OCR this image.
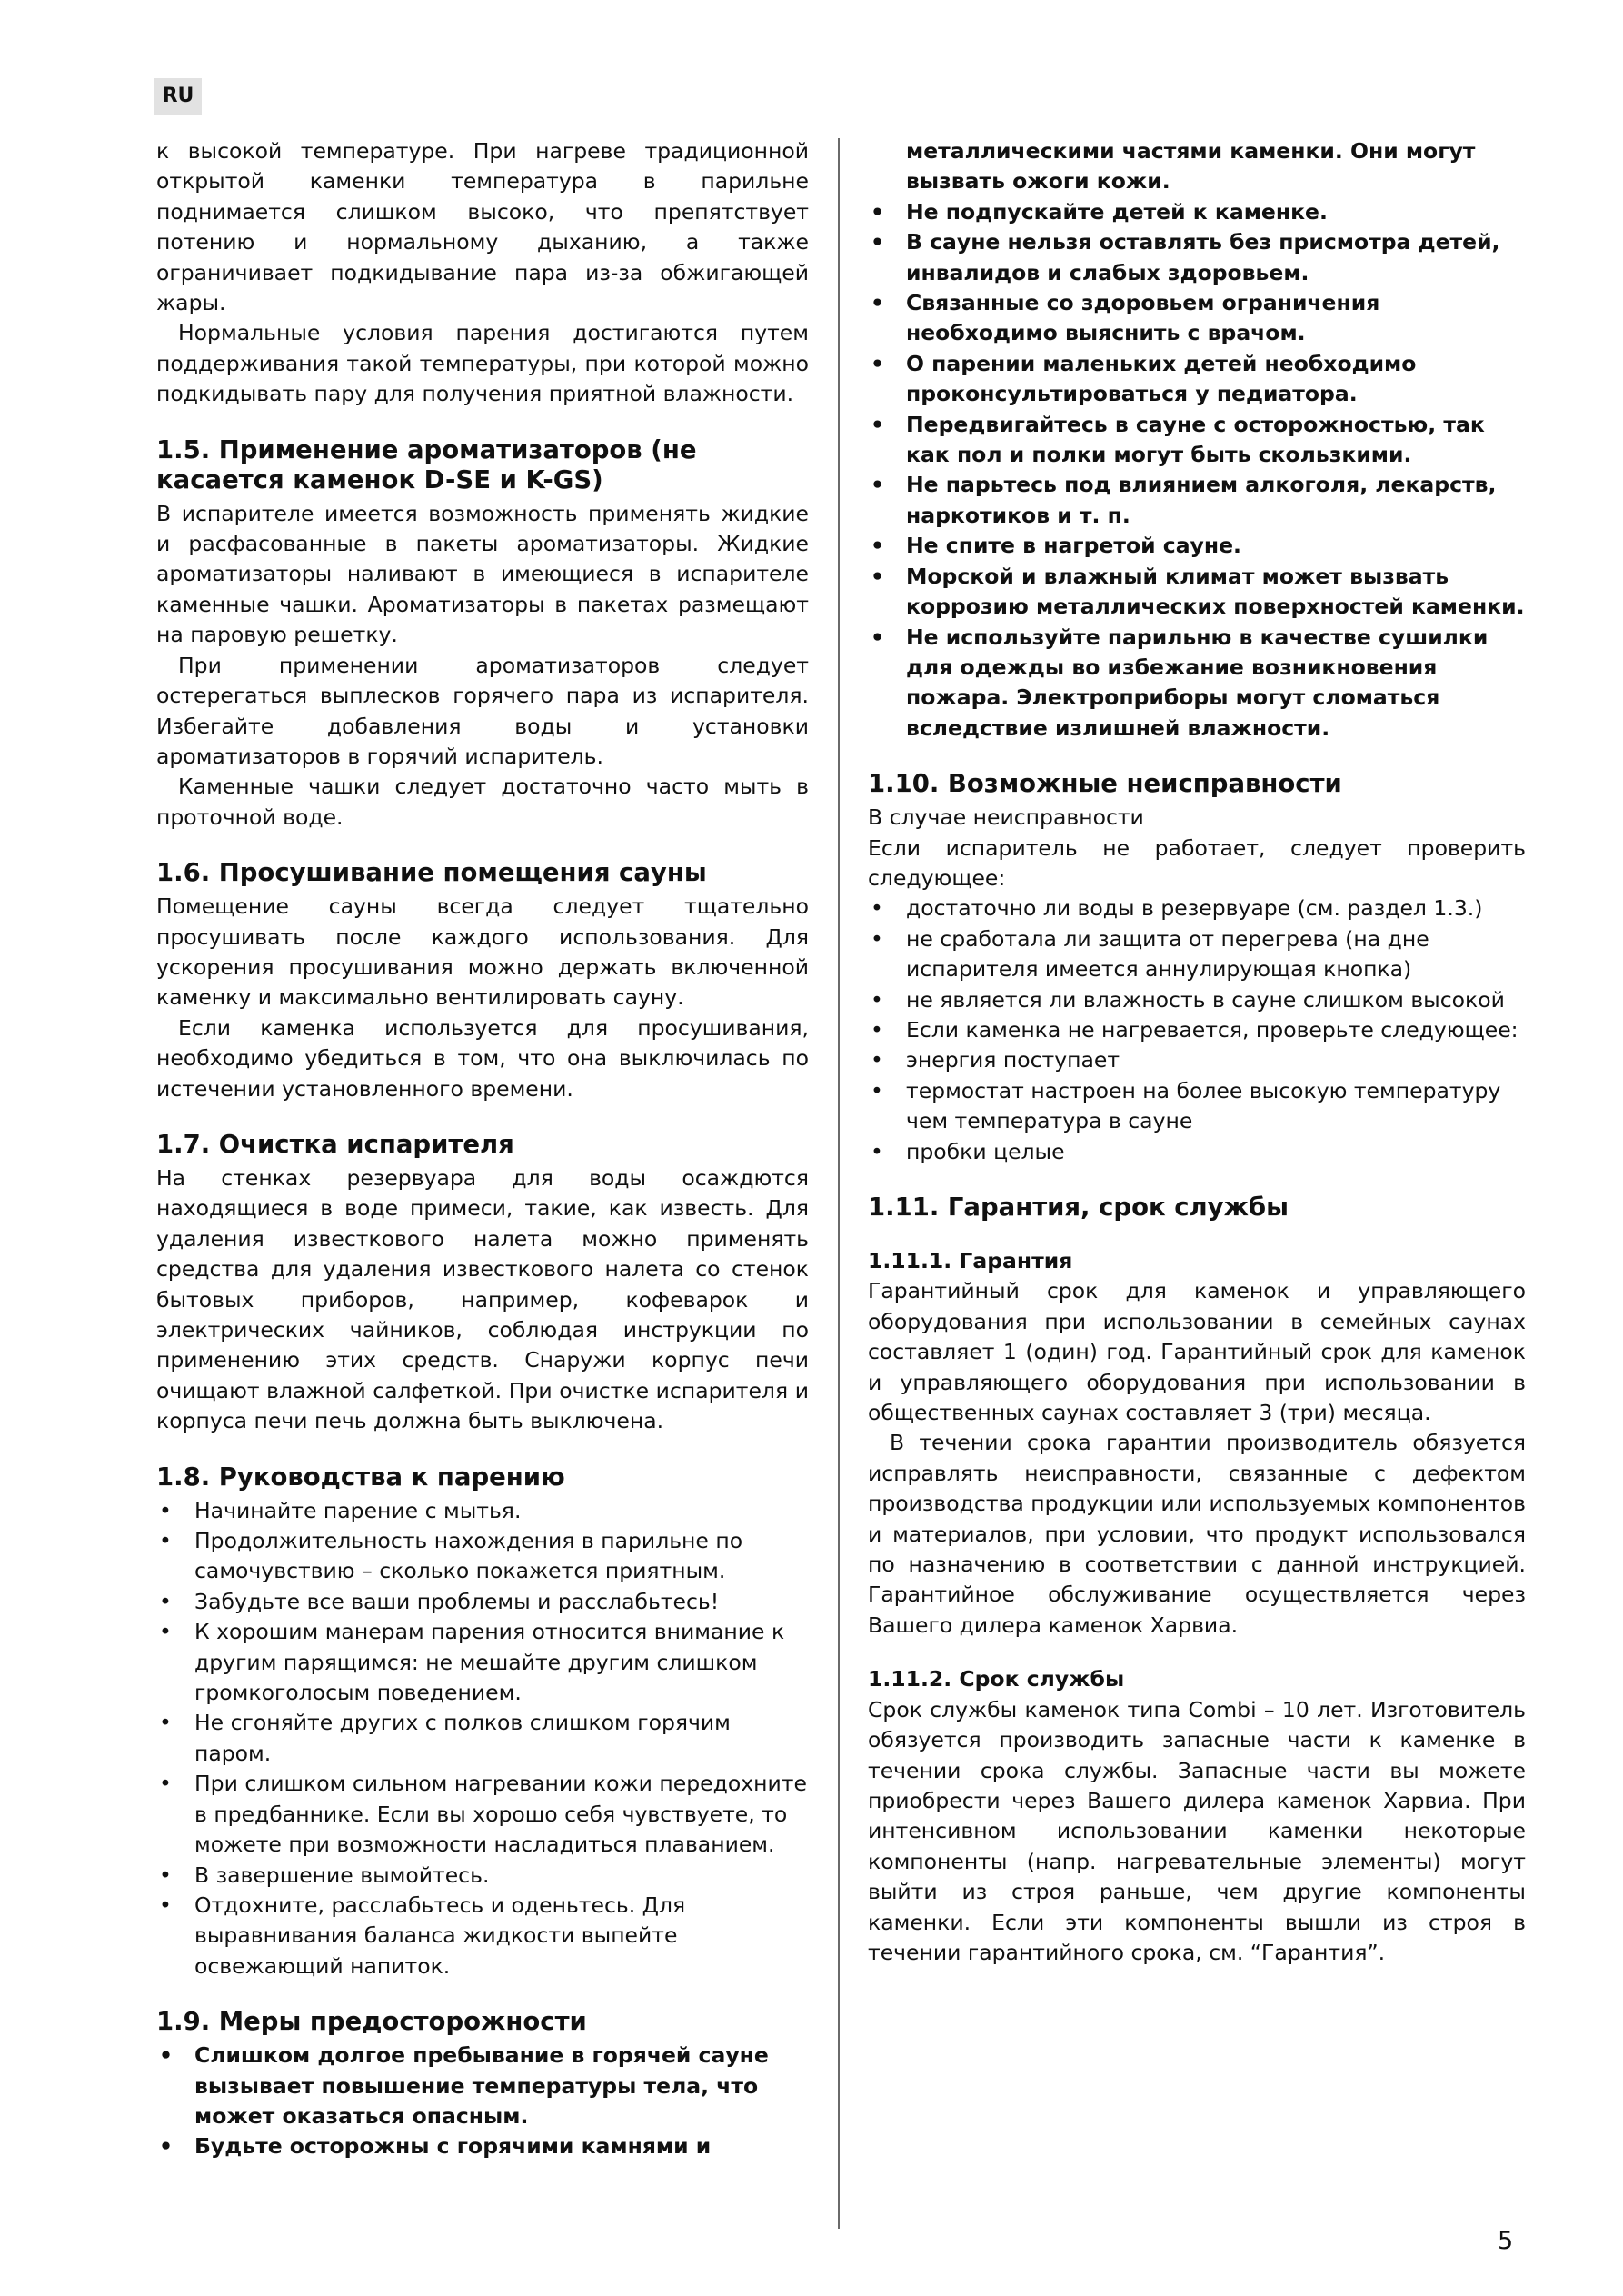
RU

к высокой температуре. При нагреве традиционной открытой каменки температура в парильне поднимается слишком высоко, что препятствует потению и нормальному дыханию, а также ограничивает подкидывание пара из-за обжигающей жары.

Нормальные условия парения достигаются путем поддерживания такой температуры, при которой можно подкидывать пару для получения приятной влажности.

1.5. Применение ароматизаторов (не касается каменок D-SE и K-GS)

В испарителе имеется возможность применять жидкие и расфасованные в пакеты ароматизаторы. Жидкие ароматизаторы наливают в имеющиеся в испарителе каменные чашки. Ароматизаторы в пакетах размещают на паровую решетку.

При применении ароматизаторов следует остерегаться выплесков горячего пара из испарителя. Избегайте добавления воды и установки ароматизаторов в горячий испаритель.

Каменные чашки следует достаточно часто мыть в проточной воде.

1.6. Просушивание помещения сауны

Помещение сауны всегда следует тщательно просушивать после каждого использования. Для ускорения просушивания можно держать включенной каменку и максимально вентилировать сауну.

Если каменка используется для просушивания, необходимо убедиться в том, что она выключилась по истечении установленного времени.

1.7. Очистка испарителя

На стенках резервуара для воды осаждются находящиеся в воде примеси, такие, как известь. Для удаления известкового налета можно применять средства для удаления известкового налета со стенок бытовых приборов, например, кофеварок и электрических чайников, соблюдая инструкции по применению этих средств. Снаружи корпус печи очищают влажной салфеткой. При очистке испарителя и корпуса печи печь должна быть выключена.

1.8. Руководства к парению
• Начинайте парение с мытья.
• Продолжительность нахождения в парильне по самочувствию – сколько покажется приятным.
• Забудьте все ваши проблемы и расслабьтесь!
• К хорошим манерам парения относится внимание к другим парящимся: не мешайте другим слишком громкоголосым поведением.
• Не сгоняйте других с полков слишком горячим паром.
• При слишком сильном нагревании кожи передохните в предбаннике. Если вы хорошо себя чувствуете, то можете при возможности насладиться плаванием.
• В завершение вымойтесь.
• Отдохните, расслабьтесь и оденьтесь. Для выравнивания баланса жидкости выпейте освежающий напиток.
1.9. Меры предосторожности
• Слишком долгое пребывание в горячей сауне вызывает повышение температуры тела, что может оказаться опасным.
• Будьте осторожны с горячими камнями и

металлическими частями каменки. Они могут вызвать ожоги кожи.

• Не подпускайте детей к каменке.
• В сауне нельзя оставлять без присмотра детей, инвалидов и слабых здоровьем.
• Связанные со здоровьем ограничения необходимо выяснить с врачом.
• О парении маленьких детей необходимо проконсультироваться у педиатора.
• Передвигайтесь в сауне с осторожностью, так как пол и полки могут быть скользкими.
• Не парьтесь под влиянием алкоголя, лекарств, наркотиков и т. п.
• Не спите в нагретой сауне.
• Морской и влажный климат может вызвать коррозию металлических поверхностей каменки.
• Не используйте парильню в качестве сушилки для одежды во избежание возникновения пожара. Электроприборы могут сломаться вследствие излишней влажности.
1.10. Возможные неисправности

В случае неисправности

Если испаритель не работает, следует проверить следующее:

• достаточно ли воды в резервуаре (см. раздел 1.3.)
• не сработала ли защита от перегрева (на дне испарителя имеется аннулирующая кнопка)
• не является ли влажность в сауне слишком высокой
• Если каменка не нагревается, проверьте следующее:
• энергия поступает
• термостат настроен на более высокую температуру чем температура в сауне
• пробки целые
1.11. Гарантия, срок службы
1.11.1. Гарантия

Гарантийный срок для каменок и управляющего оборудования при использовании в семейных саунах составляет 1 (один) год. Гарантийный срок для каменок и управляющего оборудования при использовании в общественных саунах составляет 3 (три) месяца.

В течении срока гарантии производитель обязуется исправлять неисправности, связанные с дефектом производства продукции или используемых компонентов и материалов, при условии, что продукт использовался по назначению в соответствии с данной инструкцией. Гарантийное обслуживание осуществляется через Вашего дилера каменок Харвиа.

1.11.2. Срок службы

Срок службы каменок типа Combi – 10 лет. Изготовитель обязуется производить запасные части к каменке в течении срока службы. Запасные части вы можете приобрести через Вашего дилера каменок Харвиа. При интенсивном использовании каменки некоторые компоненты (напр. нагревательные элементы) могут выйти из строя раньше, чем другие компоненты каменки. Если эти компоненты вышли из строя в течении гарантийного срока, см. “Гарантия”.

5
